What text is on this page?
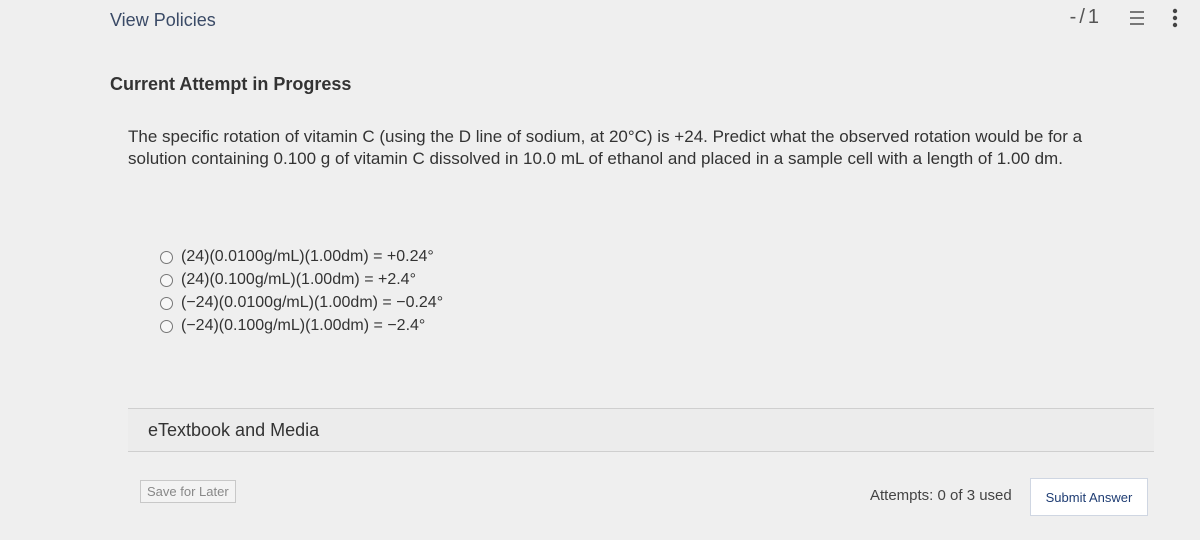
View Policies	-/1
Current Attempt in Progress
The specific rotation of vitamin C (using the D line of sodium, at 20°C) is +24. Predict what the observed rotation would be for a solution containing 0.100 g of vitamin C dissolved in 10.0 mL of ethanol and placed in a sample cell with a length of 1.00 dm.
(24)(0.0100g/mL)(1.00dm) = +0.24°
(24)(0.100g/mL)(1.00dm) = +2.4°
(−24)(0.0100g/mL)(1.00dm) = −0.24°
(−24)(0.100g/mL)(1.00dm) = −2.4°
eTextbook and Media
Save for Later	Attempts: 0 of 3 used	Submit Answer
